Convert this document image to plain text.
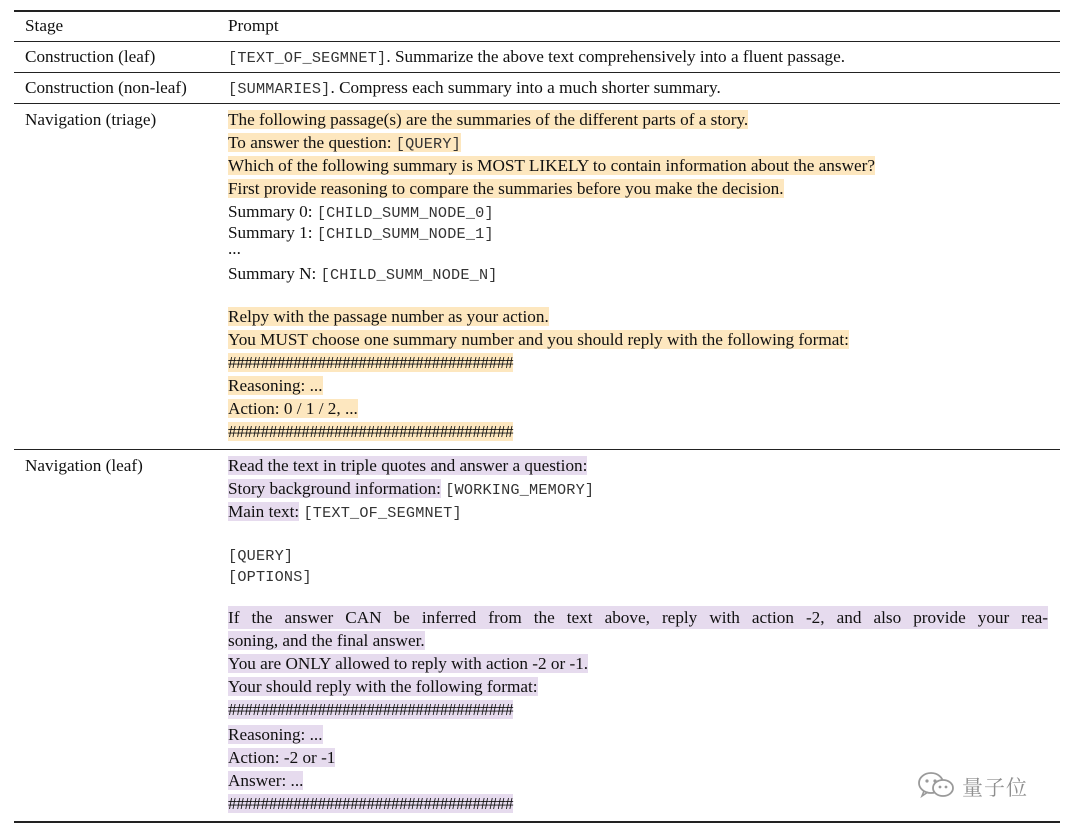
Stage	Prompt
Construction (leaf)	[TEXT_OF_SEGMNET]. Summarize the above text comprehensively into a fluent passage.
Construction (non-leaf)	[SUMMARIES]. Compress each summary into a much shorter summary.
Navigation (triage)	The following passage(s) are the summaries of the different parts of a story.
To answer the question: [QUERY]
Which of the following summary is MOST LIKELY to contain information about the answer?
First provide reasoning to compare the summaries before you make the decision.
Summary 0: [CHILD_SUMM_NODE_0]
Summary 1: [CHILD_SUMM_NODE_1]
...
Summary N: [CHILD_SUMM_NODE_N]
Relpy with the passage number as your action.
You MUST choose one summary number and you should reply with the following format:
###################################
Reasoning: ...
Action: 0 / 1 / 2, ...
###################################
Navigation (leaf)	Read the text in triple quotes and answer a question:
Story background information: [WORKING_MEMORY]
Main text: [TEXT_OF_SEGMNET]
[QUERY]
[OPTIONS]
If the answer CAN be inferred from the text above, reply with action -2, and also provide your rea-
soning, and the final answer.
You are ONLY allowed to reply with action -2 or -1.
Your should reply with the following format:
###################################
Reasoning: ...
Action: -2 or -1
Answer: ...
###################################
量子位
